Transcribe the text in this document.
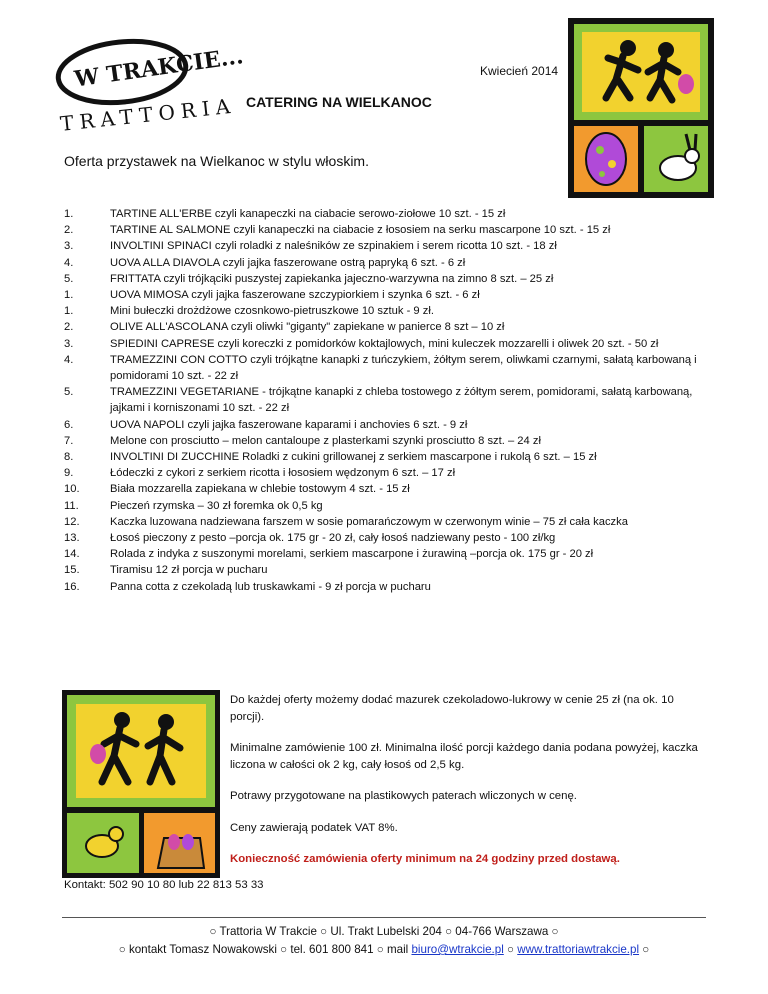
W TRAKCIE...
TRATTORIA
Kwiecień 2014
CATERING NA WIELKANOC
Oferta przystawek na Wielkanoc w stylu włoskim.
1.	TARTINE ALL'ERBE czyli kanapeczki na ciabacie serowo-ziołowe 10 szt. - 15 zł
2.	TARTINE AL SALMONE czyli kanapeczki na ciabacie z łososiem na serku mascarpone 10 szt. - 15 zł
3.	INVOLTINI SPINACI czyli roladki z naleśników ze szpinakiem i serem ricotta 10 szt. - 18 zł
4.	UOVA ALLA DIAVOLA czyli jajka faszerowane ostrą papryką 6 szt. - 6 zł
5.	FRITTATA czyli trójkąciki puszystej zapiekanka jajeczno-warzywna na zimno 8 szt. – 25 zł
1.	UOVA MIMOSA czyli jajka faszerowane szczypiorkiem i szynka 6 szt. - 6 zł
1.	Mini bułeczki drożdżowe czosnkowo-pietruszkowe 10 sztuk - 9 zł.
2.	OLIVE ALL'ASCOLANA czyli oliwki "giganty" zapiekane w panierce 8 szt – 10 zł
3.	SPIEDINI CAPRESE czyli koreczki z pomidorków koktajlowych, mini kuleczek mozzarelli i oliwek 20 szt. - 50 zł
4.	TRAMEZZINI CON COTTO czyli trójkątne kanapki z tuńczykiem, żółtym serem, oliwkami czarnymi, sałatą karbowaną i pomidorami 10 szt. - 22 zł
5.	TRAMEZZINI VEGETARIANE - trójkątne kanapki z chleba tostowego z żółtym serem, pomidorami, sałatą karbowaną, jajkami i korniszonami 10 szt. - 22 zł
6.	UOVA NAPOLI czyli jajka faszerowane kaparami i anchovies 6 szt. - 9 zł
7.	Melone con prosciutto – melon cantaloupe z plasterkami szynki prosciutto 8 szt. – 24 zł
8.	INVOLTINI DI ZUCCHINE Roladki z cukini grillowanej z serkiem mascarpone i rukolą 6 szt. – 15 zł
9.	Łódeczki z cykori z serkiem ricotta i łososiem wędzonym 6 szt. – 17 zł
10.	Biała mozzarella zapiekana w chlebie tostowym 4 szt. - 15 zł
11.	Pieczeń rzymska – 30 zł foremka ok 0,5 kg
12.	Kaczka luzowana nadziewana farszem w sosie pomarańczowym w czerwonym winie – 75 zł cała kaczka
13.	Łosoś pieczony z pesto –porcja ok. 175 gr - 20 zł, cały łosoś nadziewany pesto - 100 zł/kg
14.	Rolada z indyka z suszonymi morelami, serkiem mascarpone i żurawiną –porcja ok. 175 gr - 20 zł
15.	Tiramisu 12 zł porcja w pucharu
16.	Panna cotta z czekoladą lub truskawkami - 9 zł porcja w pucharu

Do każdej oferty możemy dodać mazurek czekoladowo-lukrowy w cenie 25 zł (na ok. 10 porcji).

Minimalne zamówienie 100 zł. Minimalna ilość porcji każdego dania podana powyżej, kaczka liczona w całości ok 2 kg, cały łosoś od 2,5 kg.

Potrawy przygotowane na plastikowych paterach wliczonych w cenę.

Ceny zawierają podatek VAT 8%.

Konieczność zamówienia oferty minimum na 24 godziny przed dostawą.

Kontakt: 502 90 10 80 lub 22 813 53 33
○ Trattoria W Trakcie ○ Ul. Trakt Lubelski 204 ○ 04-766 Warszawa ○
○ kontakt Tomasz Nowakowski ○ tel. 601 800 841 ○ mail biuro@wtrakcie.pl ○ www.trattoriawtrakcie.pl ○
